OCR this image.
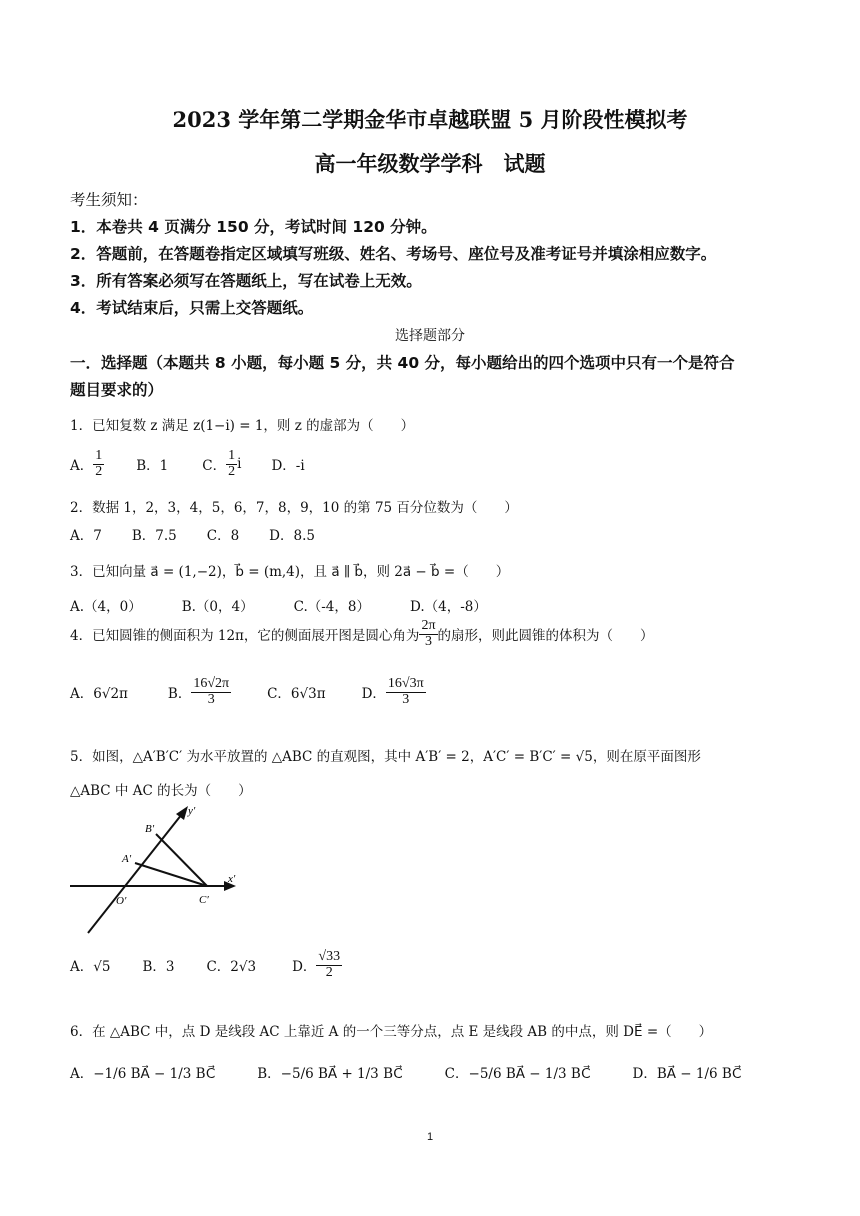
2023 学年第二学期金华市卓越联盟 5 月阶段性模拟考
高一年级数学学科　试题
考生须知：
1．本卷共 4 页满分 150 分，考试时间 120 分钟。
2．答题前，在答题卷指定区域填写班级、姓名、考场号、座位号及准考证号并填涂相应数字。
3．所有答案必须写在答题纸上，写在试卷上无效。
4．考试结束后，只需上交答题纸。
选择题部分
一．选择题（本题共 8 小题，每小题 5 分，共 40 分，每小题给出的四个选项中只有一个是符合
题目要求的）
1．已知复数 z 满足 z(1−i) = 1，则 z 的虚部为（　　）
A． $\frac{1}{2}$ B．1	C． $\frac{1}{2}$ i D．-i
2．数据 1，2，3，4，5，6，7，8，9，10 的第 75 百分位数为（　　）
A．7 B．7.5 C．8 D．8.5
3．已知向量 a⃗ = (1,−2)，b⃗ = (m,4)，且 a⃗ ∥ b⃗，则 2a⃗ − b⃗ =（　　）
A.（4，0）	B.（0，4）	C.（-4，8）	D.（4，-8）
4．已知圆锥的侧面积为 12π，它的侧面展开图是圆心角为 $\frac{2\pi}{3}$ 的扇形，则此圆锥的体积为（　　）
A．6√2π	B． $\frac{16√2\pi}{3}$	C．6√3π	D． $\frac{16√3\pi}{3}$
5．如图，△A′B′C′ 为水平放置的 △ABC 的直观图，其中 A′B′ = 2，A′C′ = B′C′ = √5，则在原平面图形
△ABC 中 AC 的长为（　　）
y′
x′
O′
A′
B′
C′
A．√5 B．3 C．2√3	D． $\frac{√33}{2}$
6．在 △ABC 中，点 D 是线段 AC 上靠近 A 的一个三等分点，点 E 是线段 AB 的中点，则 DE⃗ =（　　）
A．−1/6 BA⃗ − 1/3 BC⃗	B．−5/6 BA⃗ + 1/3 BC⃗	C．−5/6 BA⃗ − 1/3 BC⃗	D．BA⃗ − 1/6 BC⃗
1
